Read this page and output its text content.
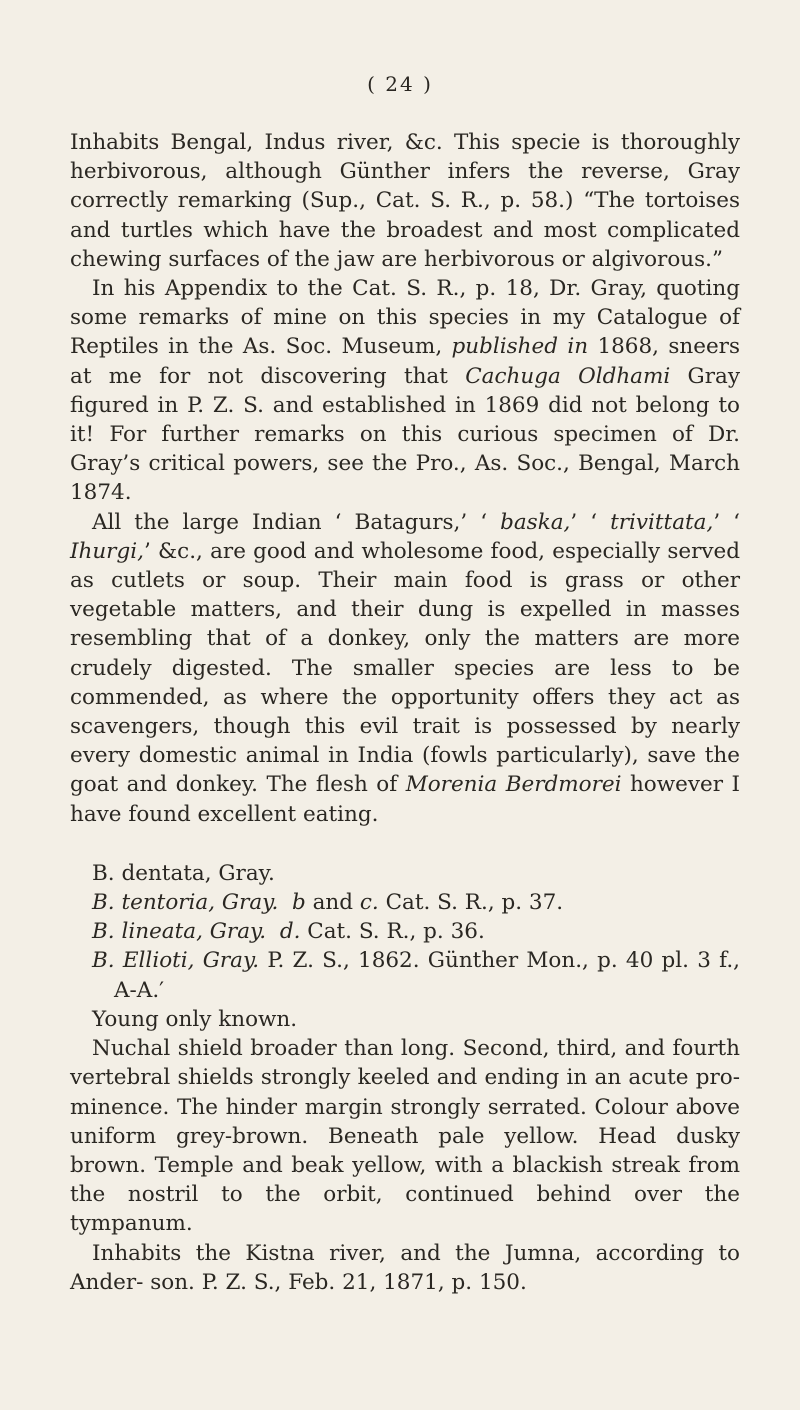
( 24 )

Inhabits Bengal, Indus river, &c. This specie is thoroughly herbivorous, although Günther infers the reverse, Gray correctly remarking (Sup., Cat. S. R., p. 58.) “The tortoises and turtles which have the broadest and most complicated chewing surfaces of the jaw are herbivorous or algivorous.”

In his Appendix to the Cat. S. R., p. 18, Dr. Gray, quoting some remarks of mine on this species in my Catalogue of Reptiles in the As. Soc. Museum, published in 1868, sneers at me for not discovering that Cachuga Oldhami Gray figured in P. Z. S. and established in 1869 did not belong to it! For further remarks on this curious specimen of Dr. Gray’s critical powers, see the Pro., As. Soc., Bengal, March 1874.

All the large Indian ‘ Batagurs,’ ‘ baska,’ ‘ trivittata,’ ‘ Ihurgi,’ &c., are good and wholesome food, especially served as cutlets or soup. Their main food is grass or other vegetable matters, and their dung is expelled in masses resembling that of a donkey, only the matters are more crudely digested. The smaller species are less to be commended, as where the opportunity offers they act as scavengers, though this evil trait is possessed by nearly every domestic animal in India (fowls particularly), save the goat and donkey. The flesh of Morenia Berdmorei however I have found excellent eating.

B. dentata, Gray.

B. tentoria, Gray. b and c. Cat. S. R., p. 37.

B. lineata, Gray. d. Cat. S. R., p. 36.

B. Ellioti, Gray. P. Z. S., 1862. Günther Mon., p. 40 pl. 3 f., A-A.′

Young only known.

Nuchal shield broader than long. Second, third, and fourth vertebral shields strongly keeled and ending in an acute pro- minence. The hinder margin strongly serrated. Colour above uniform grey-brown. Beneath pale yellow. Head dusky brown. Temple and beak yellow, with a blackish streak from the nostril to the orbit, continued behind over the tympanum.

Inhabits the Kistna river, and the Jumna, according to Ander- son. P. Z. S., Feb. 21, 1871, p. 150.
